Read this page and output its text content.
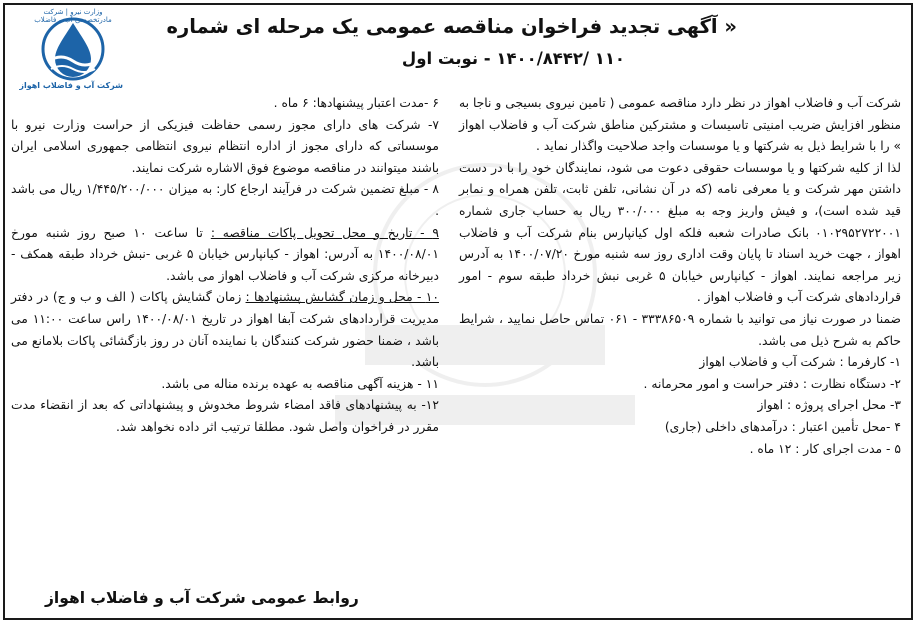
وزارت نیرو | شرکت مادرتخصصی آب و فاضلاب
شرکت آب و فاضلاب اهواز
« آگهی تجدید فراخوان مناقصه عمومی یک مرحله ای شماره
۱۱۰ /۱۴۰۰/۸۴۴۲ - نوبت اول

شرکت آب و فاضلاب اهواز در نظر دارد مناقصه عمومی ( تامین نیروی بسیجی و ناجا به منظور افزایش ضریب امنیتی تاسیسات و مشترکین مناطق شرکت آب و فاضلاب اهواز » را با شرایط ذیل به شرکتها و یا موسسات واجد صلاحیت واگذار نماید .

لذا از کلیه شرکتها و یا موسسات حقوقی دعوت می شود، نمایندگان خود را با در دست داشتن مهر شرکت و یا معرفی نامه (که در آن نشانی، تلفن ثابت، تلفن همراه و نمابر قید شده است)، و فیش واریز وجه به مبلغ ۳۰۰/۰۰۰ ریال به حساب جاری شماره ۰۱۰۲۹۵۲۷۲۲۰۰۱ بانک صادرات شعبه فلکه اول کیانپارس بنام شرکت آب و فاضلاب اهواز ، جهت خرید اسناد تا پایان وقت اداری روز سه شنبه مورخ ۱۴۰۰/۰۷/۲۰ به آدرس زیر مراجعه نمایند. اهواز - کیانپارس خیابان ۵ غربی نبش خرداد طبقه سوم - امور قراردادهای شرکت آب و فاضلاب اهواز .

ضمنا در صورت نیاز می توانید با شماره ۳۳۳۸۶۵۰۹ - ۰۶۱ تماس حاصل نمایید ، شرایط حاکم به شرح ذیل می باشد.

۱- کارفرما : شرکت آب و فاضلاب اهواز

۲- دستگاه نظارت : دفتر حراست و امور محرمانه .

۳- محل اجرای پروژه : اهواز

۴ -محل تأمین اعتبار : درآمدهای داخلی (جاری)

۵ - مدت اجرای کار : ۱۲ ماه .

۶ -مدت اعتبار پیشنهادها: ۶ ماه .

۷- شرکت های دارای مجوز رسمی حفاظت فیزیکی از حراست وزارت نیرو با موسساتی که دارای مجوز از اداره انتظام نیروی انتظامی جمهوری اسلامی ایران باشند میتوانند در مناقصه موضوع فوق الاشاره شرکت نمایند.

۸ - مبلغ تضمین شرکت در فرآیند ارجاع کار: به میزان ۱/۴۴۵/۲۰۰/۰۰۰ ریال می باشد .

۹ - تاریخ و محل تحویل پاکات مناقصه : تا ساعت ۱۰ صبح روز شنبه مورخ ۱۴۰۰/۰۸/۰۱ به آدرس: اهواز - کیانپارس خیابان ۵ غربی -نبش خرداد طبقه همکف - دبیرخانه مرکزی شرکت آب و فاضلاب اهواز می باشد.

۱۰ - محل و زمان گشایش پیشنهادها : زمان گشایش پاکات ( الف و ب و ج) در دفتر مدیریت قراردادهای شرکت آبفا اهواز در تاریخ ۱۴۰۰/۰۸/۰۱ راس ساعت ۱۱:۰۰ می باشد ، ضمنا حضور شرکت کنندگان با نماینده آنان در روز بازگشائی پاکات بلامانع می باشد.

۱۱ - هزینه آگهی مناقصه به عهده برنده مناله می باشد.

۱۲- به پیشنهادهای فاقد امضاء شروط مخدوش و پیشنهاداتی که بعد از انقضاء مدت مقرر در فراخوان واصل شود. مطلقا ترتیب اثر داده نخواهد شد.

روابط عمومی شرکت آب و فاضلاب اهواز
